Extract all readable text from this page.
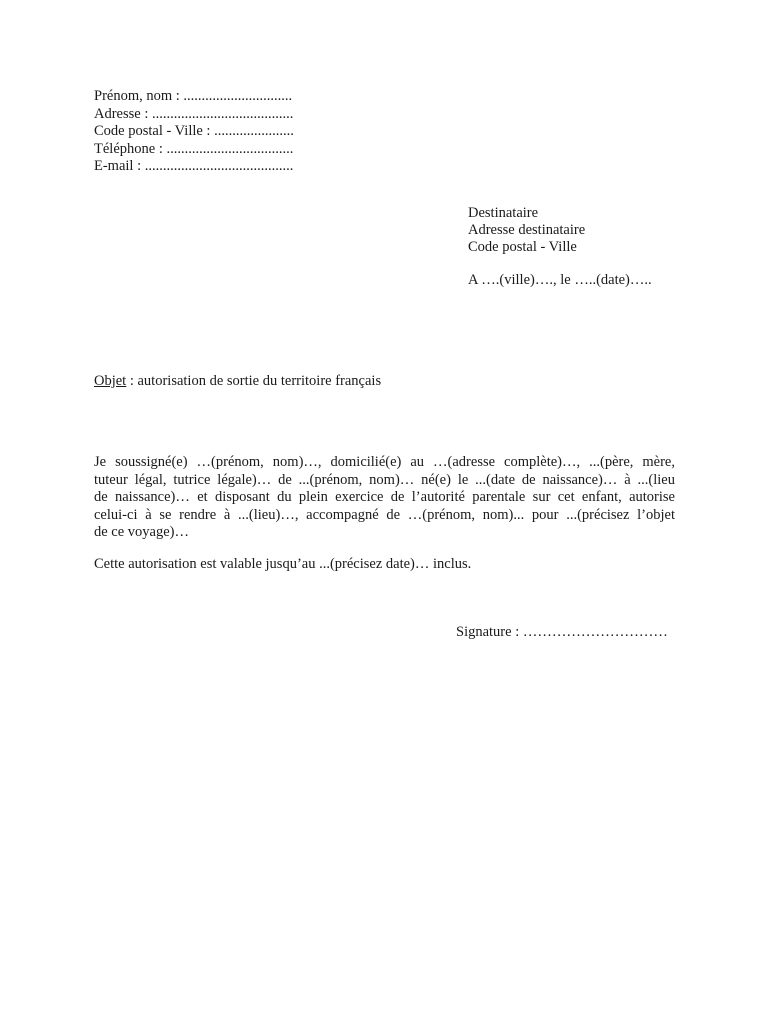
Prénom, nom : ..............................
Adresse : .......................................
Code postal - Ville : ......................
Téléphone : ...................................
E-mail : .........................................
Destinataire
Adresse destinataire
Code postal - Ville
A ….(ville)…., le …..(date)…..
Objet : autorisation de sortie du territoire français
Je soussigné(e) …(prénom, nom)…, domicilié(e) au …(adresse complète)…, ...(père, mère,
tuteur légal, tutrice légale)… de ...(prénom, nom)… né(e) le ...(date de naissance)… à ...(lieu
de naissance)… et disposant du plein exercice de l’autorité parentale sur cet enfant, autorise
celui-ci à se rendre à ...(lieu)…, accompagné de …(prénom, nom)... pour ...(précisez l’objet
de ce voyage)…
Cette autorisation est valable jusqu’au ...(précisez date)… inclus.
Signature : …………………………
